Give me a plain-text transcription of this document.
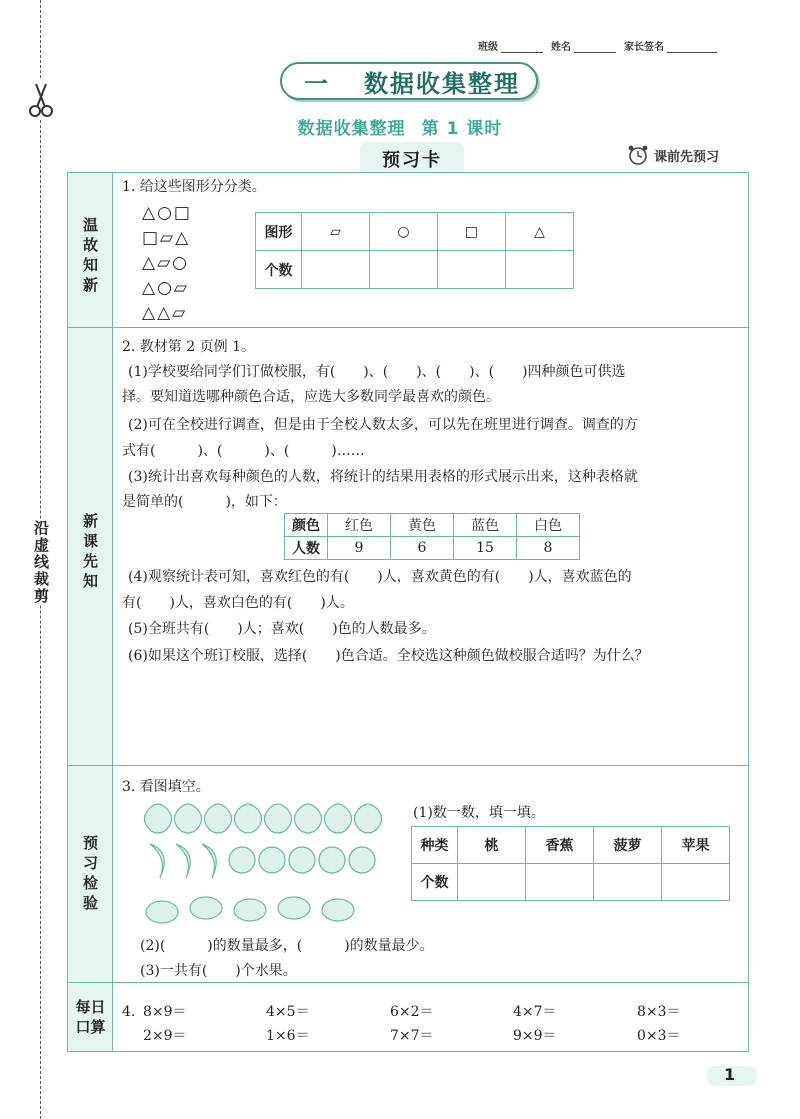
沿虚线裁剪
班级	姓名	家长签名
一 数据收集整理
数据收集整理 第 1 课时
预习卡	课前先预习
温故知新
新课先知
预习检验
每日口算
1. 给这些图形分分类。
△○□
□▱△
△▱○
△○▱
△△▱
图形	▱	○	□	△
个数				
2. 教材第 2 页例 1。
(1)学校要给同学们订做校服，有(　　)、(　　)、(　　)、(　　)四种颜色可供选
择。要知道选哪种颜色合适，应选大多数同学最喜欢的颜色。
(2)可在全校进行调查，但是由于全校人数太多，可以先在班里进行调查。调查的方
式有(　　　)、(　　　)、(　　　)……
(3)统计出喜欢每种颜色的人数，将统计的结果用表格的形式展示出来，这种表格就
是简单的(　　　)，如下：
颜色	红色	黄色	蓝色	白色
人数	9	6	15	8
(4)观察统计表可知，喜欢红色的有(　　)人，喜欢黄色的有(　　)人，喜欢蓝色的
有(　　)人，喜欢白色的有(　　)人。
(5)全班共有(　　)人；喜欢(　　)色的人数最多。
(6)如果这个班订校服，选择(　　)色合适。全校选这种颜色做校服合适吗？为什么？
3. 看图填空。
(1)数一数，填一填。
种类	桃	香蕉	菠萝	苹果
个数				
(2)(　　　)的数量最多，(　　　)的数量最少。
(3)一共有(　　)个水果。
4. 8×9＝	4×5＝	6×2＝	4×7＝	8×3＝
2×9＝	1×6＝	7×7＝	9×9＝	0×3＝
1
